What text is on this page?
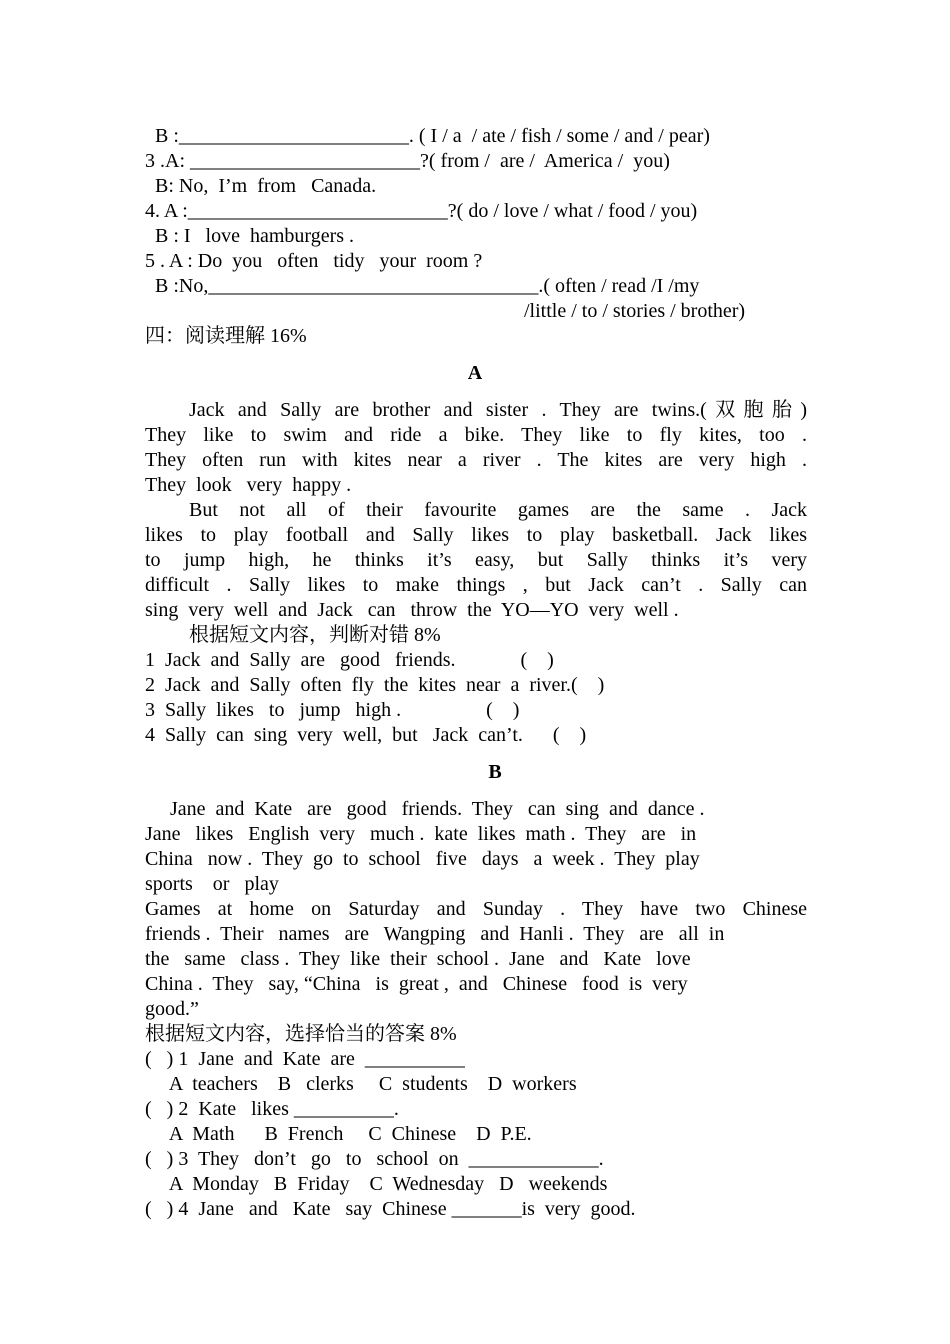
B :_______________________. ( I / a  / ate / fish / some / and / pear)
3 .A: _______________________?( from /  are /  America /  you)
B: No,  I’m  from   Canada.
4. A :__________________________?( do / love / what / food / you)
B : I   love  hamburgers .
5 . A : Do  you   often   tidy   your  room ?
B :No,_________________________________.( often / read /I /my
/little / to / stories / brother)
四：阅读理解 16%
A
Jack and Sally are brother and sister . They are twins.(双胞胎)
They like to swim and ride a bike. They like to fly kites, too .
They often run with kites near a river . The kites are very high .
They  look   very  happy .
But not all of their favourite games are the same . Jack
likes to play football and Sally likes to play basketball. Jack likes
to jump high, he thinks it’s easy, but Sally thinks it’s very
difficult . Sally likes to make things , but Jack can’t . Sally can
sing  very  well  and  Jack   can   throw  the  YO—YO  very  well .
根据短文内容，判断对错 8%
1  Jack  and  Sally  are   good   friends.             (    )
2  Jack  and  Sally  often  fly  the  kites  near  a  river.(    )
3  Sally  likes   to   jump   high .                 (    )
4  Sally  can  sing  very  well,  but   Jack  can’t.      (    )
B
Jane  and  Kate   are   good   friends.  They   can  sing  and  dance .
Jane   likes   English  very   much .  kate  likes  math .  They   are   in
China   now .  They  go  to  school   five   days   a  week .  They  play
sports    or   play
Games at home on Saturday and Sunday . They have two Chinese
friends .  Their   names   are   Wangping   and  Hanli .  They   are   all  in
the   same   class .  They  like  their  school .  Jane   and   Kate   love
China .  They   say, “China   is  great ,  and   Chinese   food  is  very
good.”
根据短文内容，选择恰当的答案 8%
(   ) 1  Jane  and  Kate  are  __________
A  teachers    B   clerks     C  students    D  workers
(   ) 2  Kate   likes __________.
A  Math      B  French     C  Chinese    D  P.E.
(   ) 3  They   don’t   go   to   school  on  _____________.
A  Monday   B  Friday    C  Wednesday   D   weekends
(   ) 4  Jane   and   Kate   say  Chinese _______is  very  good.
